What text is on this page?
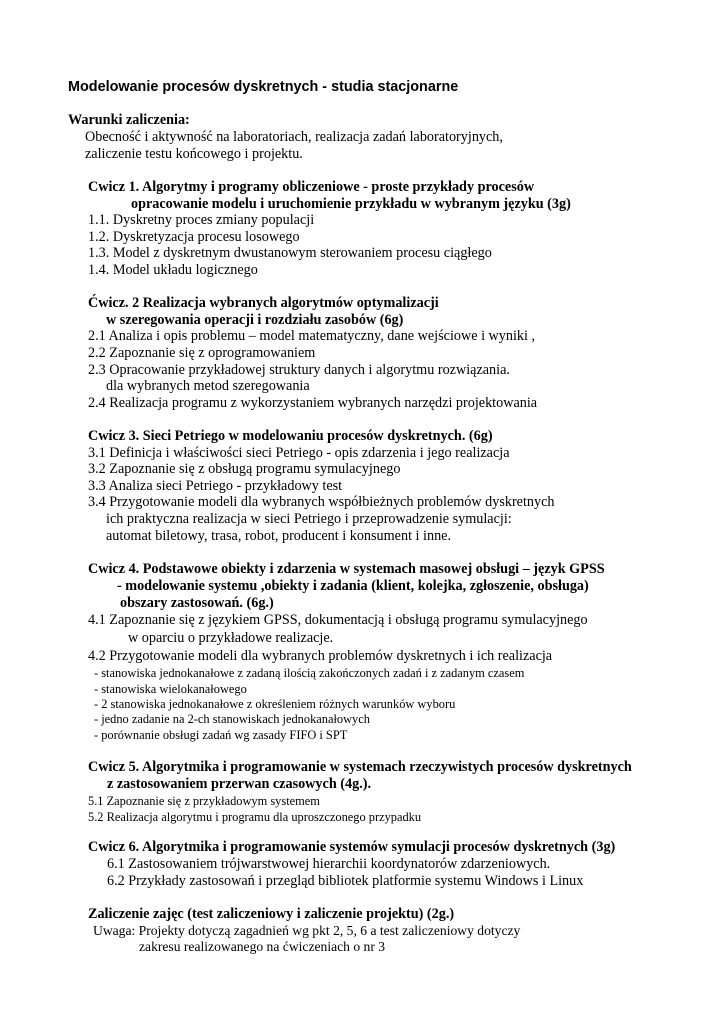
Modelowanie procesów dyskretnych - studia stacjonarne
Warunki zaliczenia:
Obecność i aktywność na laboratoriach, realizacja zadań laboratoryjnych,
zaliczenie testu końcowego i projektu.
Cwicz 1. Algorytmy i programy obliczeniowe - proste przykłady procesów
opracowanie modelu i uruchomienie przykładu w wybranym języku (3g)
1.1. Dyskretny proces zmiany populacji
1.2. Dyskretyzacja procesu losowego
1.3. Model z dyskretnym dwustanowym sterowaniem procesu ciągłego
1.4. Model układu logicznego
Ćwicz. 2 Realizacja wybranych algorytmów optymalizacji
w szeregowania operacji i rozdziału zasobów (6g)
2.1 Analiza i opis problemu – model matematyczny, dane wejściowe i wyniki ,
2.2 Zapoznanie się z oprogramowaniem
2.3 Opracowanie przykładowej struktury danych i algorytmu rozwiązania.
dla wybranych metod szeregowania
2.4 Realizacja programu z wykorzystaniem wybranych narzędzi projektowania
Cwicz 3. Sieci Petriego w modelowaniu procesów dyskretnych. (6g)
3.1 Definicja i właściwości sieci Petriego - opis zdarzenia i jego realizacja
3.2 Zapoznanie się z obsługą programu symulacyjnego
3.3 Analiza sieci Petriego - przykładowy test
3.4 Przygotowanie modeli dla wybranych współbieżnych problemów dyskretnych
ich praktyczna realizacja w sieci Petriego i przeprowadzenie symulacji:
automat biletowy, trasa, robot, producent i konsument i inne.
Cwicz 4. Podstawowe obiekty i zdarzenia w systemach masowej obsługi – język GPSS
- modelowanie systemu ,obiekty i zadania (klient, kolejka, zgłoszenie, obsługa)
obszary zastosowań. (6g.)
4.1 Zapoznanie się z językiem GPSS, dokumentacją i obsługą programu symulacyjnego
w oparciu o przykładowe realizacje.
4.2 Przygotowanie modeli dla wybranych problemów dyskretnych i ich realizacja
- stanowiska jednokanałowe z zadaną ilością zakończonych zadań i z zadanym czasem
- stanowiska wielokanałowego
- 2 stanowiska jednokanałowe z określeniem różnych warunków wyboru
- jedno zadanie na 2-ch stanowiskach jednokanałowych
- porównanie obsługi zadań wg zasady FIFO i SPT
Cwicz 5. Algorytmika i programowanie w systemach rzeczywistych procesów dyskretnych
z zastosowaniem przerwan czasowych (4g.).
5.1 Zapoznanie się z przykładowym systemem
5.2 Realizacja algorytmu i programu dla uproszczonego przypadku
Cwicz 6. Algorytmika i programowanie systemów symulacji procesów dyskretnych (3g)
6.1 Zastosowaniem trójwarstwowej hierarchii koordynatorów zdarzeniowych.
6.2 Przykłady zastosowań i przegląd bibliotek platformie systemu Windows i Linux
Zaliczenie zajęc (test zaliczeniowy i zaliczenie projektu) (2g.)
Uwaga: Projekty dotyczą zagadnień wg pkt 2, 5, 6 a test zaliczeniowy dotyczy
zakresu realizowanego na ćwiczeniach o nr 3
